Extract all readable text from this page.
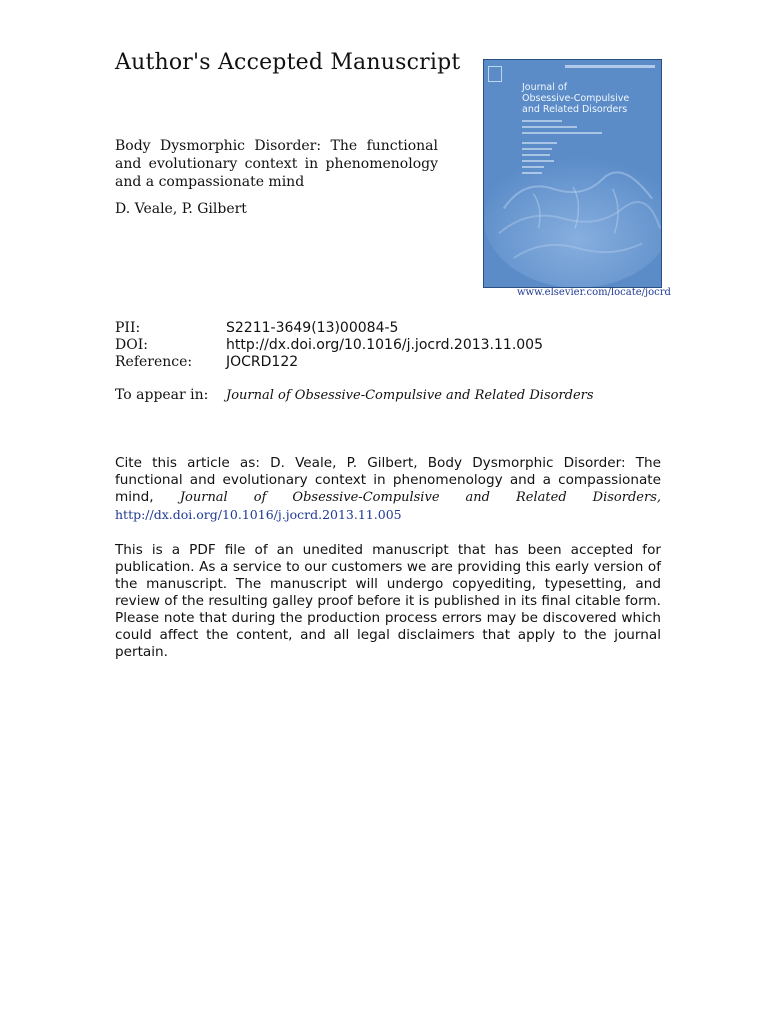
Author's Accepted Manuscript
Body Dysmorphic Disorder: The functional and evolutionary context in phenomenology and a compassionate mind
D. Veale, P. Gilbert
Journal of
Obsessive-Compulsive
and Related Disorders
www.elsevier.com/locate/jocrd
PII:	S2211-3649(13)00084-5
DOI:	http://dx.doi.org/10.1016/j.jocrd.2013.11.005
Reference: JOCRD122
To appear in: Journal of Obsessive-Compulsive and Related Disorders
Cite this article as: D. Veale, P. Gilbert, Body Dysmorphic Disorder: The functional and evolutionary context in phenomenology and a compassionate mind, Journal of Obsessive-Compulsive and Related Disorders, http://dx.doi.org/10.1016/j.jocrd.2013.11.005
This is a PDF file of an unedited manuscript that has been accepted for publication. As a service to our customers we are providing this early version of the manuscript. The manuscript will undergo copyediting, typesetting, and review of the resulting galley proof before it is published in its final citable form. Please note that during the production process errors may be discovered which could affect the content, and all legal disclaimers that apply to the journal pertain.
